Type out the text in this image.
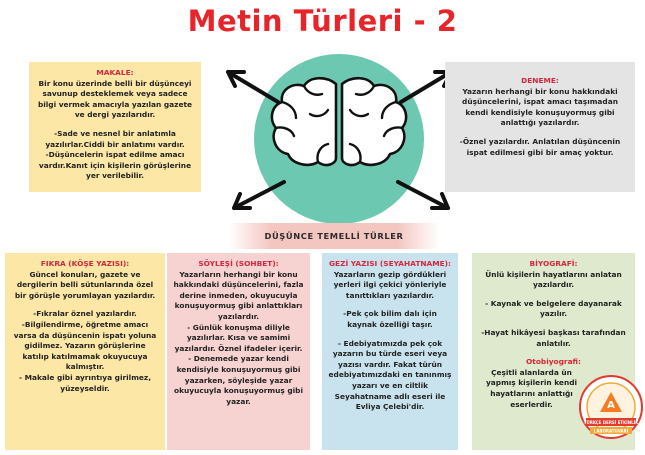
Metin Türleri - 2
DÜŞÜNCE TEMELLİ TÜRLER
MAKALE:

Bir konu üzerinde belli bir düşünceyi savunup desteklemek veya sadece bilgi vermek amacıyla yazılan gazete ve dergi yazılarıdır.

-Sade ve nesnel bir anlatımla yazılırlar.Ciddi bir anlatımı vardır.

-Düşüncelerin ispat edilme amacı vardır.Kanıt için kişilerin görüşlerine yer verilebilir.

DENEME:

Yazarın herhangi bir konu hakkındaki düşüncelerini, ispat amacı taşımadan kendi kendisiyle konuşuyormuş gibi anlattığı yazılardır.

-Öznel yazılardır. Anlatılan düşüncenin ispat edilmesi gibi bir amaç yoktur.

FIKRA (KÖŞE YAZISI):

Güncel konuları, gazete ve dergilerin belli sütunlarında özel bir görüşle yorumlayan yazılardır.

-Fıkralar öznel yazılardır.

-Bilgilendirme, öğretme amacı varsa da düşüncenin ispatı yoluna gidilmez. Yazarın görüşlerine katılıp katılmamak okuyucuya kalmıştır.

- Makale gibi ayrıntıya girilmez, yüzeyseldir.

SÖYLEŞİ (SOHBET):

Yazarların herhangi bir konu hakkındaki düşüncelerini, fazla derine inmeden, okuyucuyla konuşuyormuş gibi anlattıkları yazılardır.

- Günlük konuşma diliyle yazılırlar. Kısa ve samimi yazılardır. Öznel ifadeler içerir.

- Denemede yazar kendi kendisiyle konuşuyormuş gibi yazarken, söyleşide yazar okuyucuyla konuşuyormuş gibi yazar.

GEZİ YAZISI (SEYAHATNAME):

Yazarların gezip gördükleri yerleri ilgi çekici yönleriyle tanıttıkları yazılardır.

-Pek çok bilim dalı için kaynak özelliği taşır.

- Edebiyatımızda pek çok yazarın bu türde eseri veya yazısı vardır. Fakat türün edebiyatımızdaki en tanınmış yazarı ve en ciltlik Seyahatname adlı eseri ile Evliya Çelebi'dir.

BİYOGRAFİ:

Ünlü kişilerin hayatlarını anlatan yazılardır.

- Kaynak ve belgelere dayanarak yazılır.

-Hayat hikâyesi başkası tarafından anlatılır.

Otobiyografi:

Çeşitli alanlarda ün yapmış kişilerin kendi hayatlarını anlattığı eserlerdir.	A
TÜRKÇE DERSİ ETKİNLİK
LABORATUVARI
